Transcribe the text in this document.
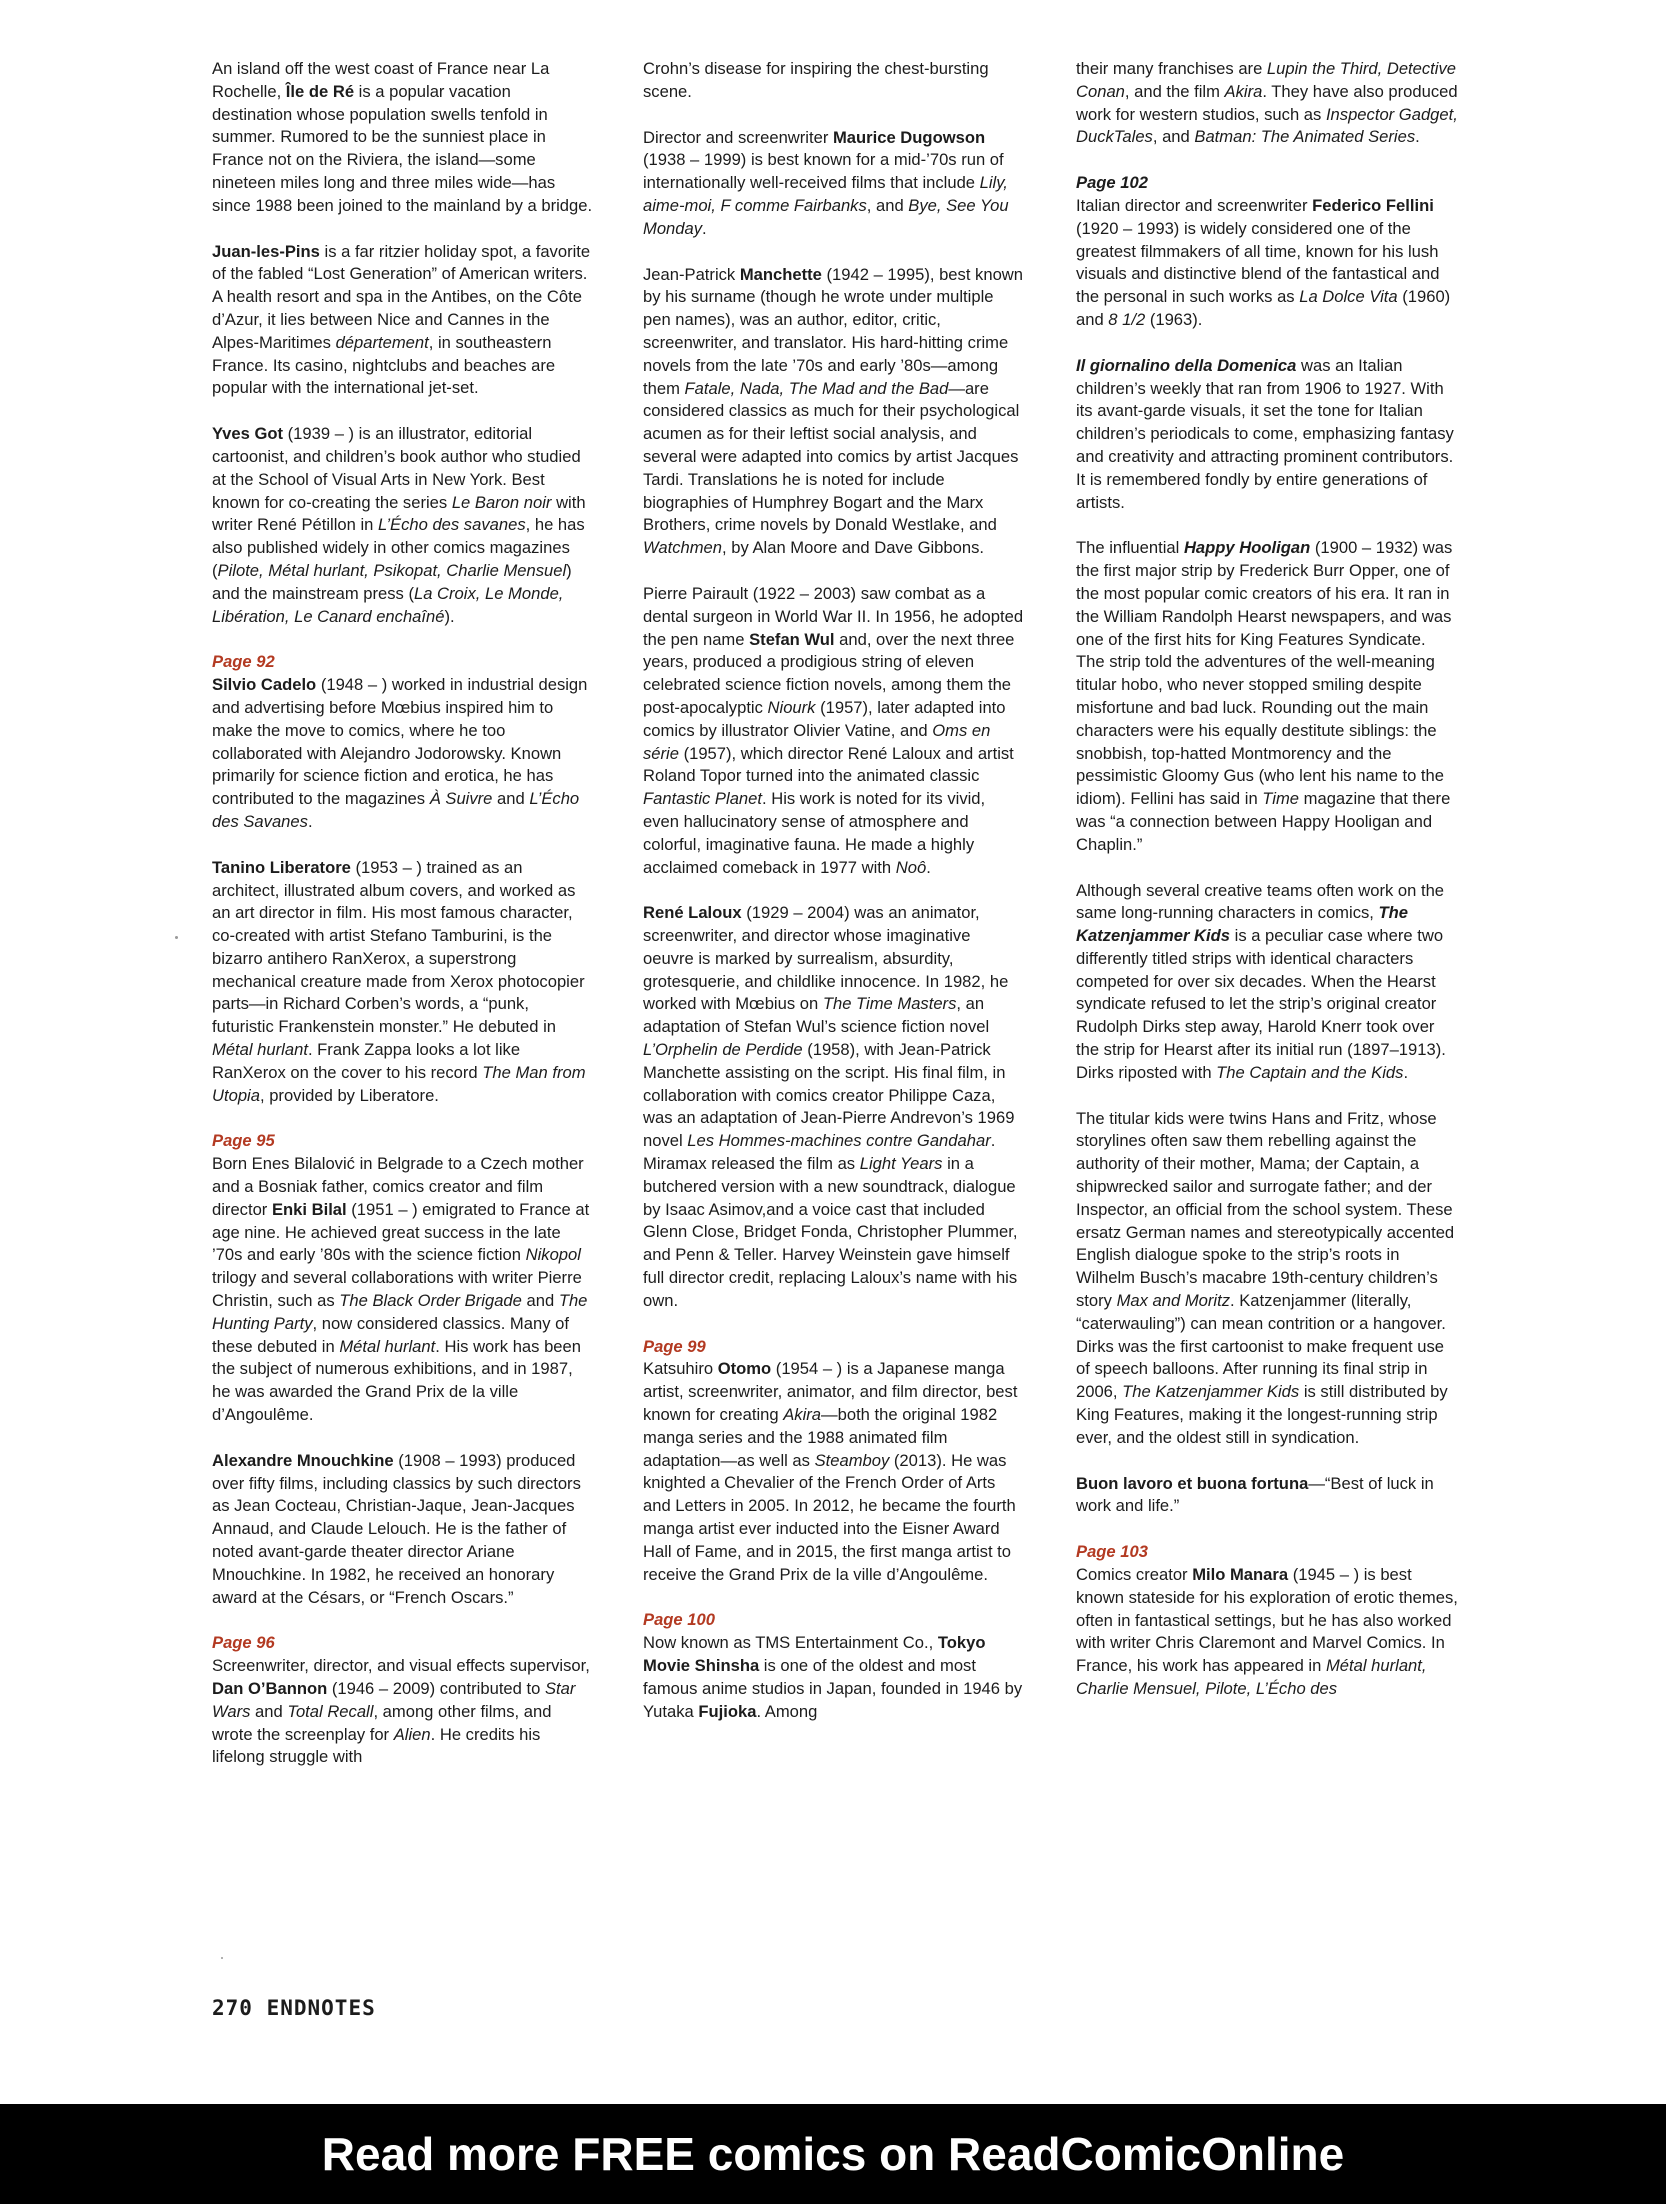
An island off the west coast of France near La Rochelle, Île de Ré is a popular vacation destination whose population swells tenfold in summer. Rumored to be the sunniest place in France not on the Riviera, the island—some nineteen miles long and three miles wide—has since 1988 been joined to the mainland by a bridge.

Juan-les-Pins is a far ritzier holiday spot, a favorite of the fabled “Lost Generation” of American writers. A health resort and spa in the Antibes, on the Côte d’Azur, it lies between Nice and Cannes in the Alpes-Maritimes département, in southeastern France. Its casino, nightclubs and beaches are popular with the international jet-set.

Yves Got (1939 – ) is an illustrator, editorial cartoonist, and children’s book author who studied at the School of Visual Arts in New York. Best known for co-creating the series Le Baron noir with writer René Pétillon in L’Écho des savanes, he has also published widely in other comics magazines (Pilote, Métal hurlant, Psikopat, Charlie Mensuel) and the mainstream press (La Croix, Le Monde, Libération, Le Canard enchaîné).

Page 92

Silvio Cadelo (1948 – ) worked in industrial design and advertising before Mœbius inspired him to make the move to comics, where he too collaborated with Alejandro Jodorowsky. Known primarily for science fiction and erotica, he has contributed to the magazines À Suivre and L’Écho des Savanes.

Tanino Liberatore (1953 – ) trained as an architect, illustrated album covers, and worked as an art director in film. His most famous character, co-created with artist Stefano Tamburini, is the bizarro antihero RanXerox, a superstrong mechanical creature made from Xerox photocopier parts—in Richard Corben’s words, a “punk, futuristic Frankenstein monster.” He debuted in Métal hurlant. Frank Zappa looks a lot like RanXerox on the cover to his record The Man from Utopia, provided by Liberatore.

Page 95

Born Enes Bilalović in Belgrade to a Czech mother and a Bosniak father, comics creator and film director Enki Bilal (1951 – ) emigrated to France at age nine. He achieved great success in the late ’70s and early ’80s with the science fiction Nikopol trilogy and several collaborations with writer Pierre Christin, such as The Black Order Brigade and The Hunting Party, now considered classics. Many of these debuted in Métal hurlant. His work has been the subject of numerous exhibitions, and in 1987, he was awarded the Grand Prix de la ville d’Angoulême.

Alexandre Mnouchkine (1908 – 1993) produced over fifty films, including classics by such directors as Jean Cocteau, Christian-Jaque, Jean-Jacques Annaud, and Claude Lelouch. He is the father of noted avant-garde theater director Ariane Mnouchkine. In 1982, he received an honorary award at the Césars, or “French Oscars.”

Page 96

Screenwriter, director, and visual effects supervisor, Dan O’Bannon (1946 – 2009) contributed to Star Wars and Total Recall, among other films, and wrote the screenplay for Alien. He credits his lifelong struggle with

Crohn’s disease for inspiring the chest-bursting scene.

Director and screenwriter Maurice Dugowson (1938 – 1999) is best known for a mid-’70s run of internationally well-received films that include Lily, aime-moi, F comme Fairbanks, and Bye, See You Monday.

Jean-Patrick Manchette (1942 – 1995), best known by his surname (though he wrote under multiple pen names), was an author, editor, critic, screenwriter, and translator. His hard-hitting crime novels from the late ’70s and early ’80s—among them Fatale, Nada, The Mad and the Bad—are considered classics as much for their psychological acumen as for their leftist social analysis, and several were adapted into comics by artist Jacques Tardi. Translations he is noted for include biographies of Humphrey Bogart and the Marx Brothers, crime novels by Donald Westlake, and Watchmen, by Alan Moore and Dave Gibbons.

Pierre Pairault (1922 – 2003) saw combat as a dental surgeon in World War II. In 1956, he adopted the pen name Stefan Wul and, over the next three years, produced a prodigious string of eleven celebrated science fiction novels, among them the post-apocalyptic Niourk (1957), later adapted into comics by illustrator Olivier Vatine, and Oms en série (1957), which director René Laloux and artist Roland Topor turned into the animated classic Fantastic Planet. His work is noted for its vivid, even hallucinatory sense of atmosphere and colorful, imaginative fauna. He made a highly acclaimed comeback in 1977 with Noô.

René Laloux (1929 – 2004) was an animator, screenwriter, and director whose imaginative oeuvre is marked by surrealism, absurdity, grotesquerie, and childlike innocence. In 1982, he worked with Mœbius on The Time Masters, an adaptation of Stefan Wul’s science fiction novel L’Orphelin de Perdide (1958), with Jean-Patrick Manchette assisting on the script. His final film, in collaboration with comics creator Philippe Caza, was an adaptation of Jean-Pierre Andrevon’s 1969 novel Les Hommes-machines contre Gandahar. Miramax released the film as Light Years in a butchered version with a new soundtrack, dialogue by Isaac Asimov,and a voice cast that included Glenn Close, Bridget Fonda, Christopher Plummer, and Penn & Teller. Harvey Weinstein gave himself full director credit, replacing Laloux’s name with his own.

Page 99

Katsuhiro Otomo (1954 – ) is a Japanese manga artist, screenwriter, animator, and film director, best known for creating Akira—both the original 1982 manga series and the 1988 animated film adaptation—as well as Steamboy (2013). He was knighted a Chevalier of the French Order of Arts and Letters in 2005. In 2012, he became the fourth manga artist ever inducted into the Eisner Award Hall of Fame, and in 2015, the first manga artist to receive the Grand Prix de la ville d’Angoulême.

Page 100

Now known as TMS Entertainment Co., Tokyo Movie Shinsha is one of the oldest and most famous anime studios in Japan, founded in 1946 by Yutaka Fujioka. Among

their many franchises are Lupin the Third, Detective Conan, and the film Akira. They have also produced work for western studios, such as Inspector Gadget, DuckTales, and Batman: The Animated Series.

Page 102

Italian director and screenwriter Federico Fellini (1920 – 1993) is widely considered one of the greatest filmmakers of all time, known for his lush visuals and distinctive blend of the fantastical and the personal in such works as La Dolce Vita (1960) and 8 1/2 (1963).

Il giornalino della Domenica was an Italian children’s weekly that ran from 1906 to 1927. With its avant-garde visuals, it set the tone for Italian children’s periodicals to come, emphasizing fantasy and creativity and attracting prominent contributors. It is remembered fondly by entire generations of artists.

The influential Happy Hooligan (1900 – 1932) was the first major strip by Frederick Burr Opper, one of the most popular comic creators of his era. It ran in the William Randolph Hearst newspapers, and was one of the first hits for King Features Syndicate. The strip told the adventures of the well-meaning titular hobo, who never stopped smiling despite misfortune and bad luck. Rounding out the main characters were his equally destitute siblings: the snobbish, top-hatted Montmorency and the pessimistic Gloomy Gus (who lent his name to the idiom). Fellini has said in Time magazine that there was “a connection between Happy Hooligan and Chaplin.”

Although several creative teams often work on the same long-running characters in comics, The Katzenjammer Kids is a peculiar case where two differently titled strips with identical characters competed for over six decades. When the Hearst syndicate refused to let the strip’s original creator Rudolph Dirks step away, Harold Knerr took over the strip for Hearst after its initial run (1897–1913). Dirks riposted with The Captain and the Kids.

The titular kids were twins Hans and Fritz, whose storylines often saw them rebelling against the authority of their mother, Mama; der Captain, a shipwrecked sailor and surrogate father; and der Inspector, an official from the school system. These ersatz German names and stereotypically accented English dialogue spoke to the strip’s roots in Wilhelm Busch’s macabre 19th-century children’s story Max and Moritz. Katzenjammer (literally, “caterwauling”) can mean contrition or a hangover. Dirks was the first cartoonist to make frequent use of speech balloons. After running its final strip in 2006, The Katzenjammer Kids is still distributed by King Features, making it the longest-running strip ever, and the oldest still in syndication.

Buon lavoro et buona fortuna—“Best of luck in work and life.”

Page 103

Comics creator Milo Manara (1945 – ) is best known stateside for his exploration of erotic themes, often in fantastical settings, but he has also worked with writer Chris Claremont and Marvel Comics. In France, his work has appeared in Métal hurlant, Charlie Mensuel, Pilote, L’Écho des

270 ENDNOTES
Read more FREE comics on ReadComicOnline
